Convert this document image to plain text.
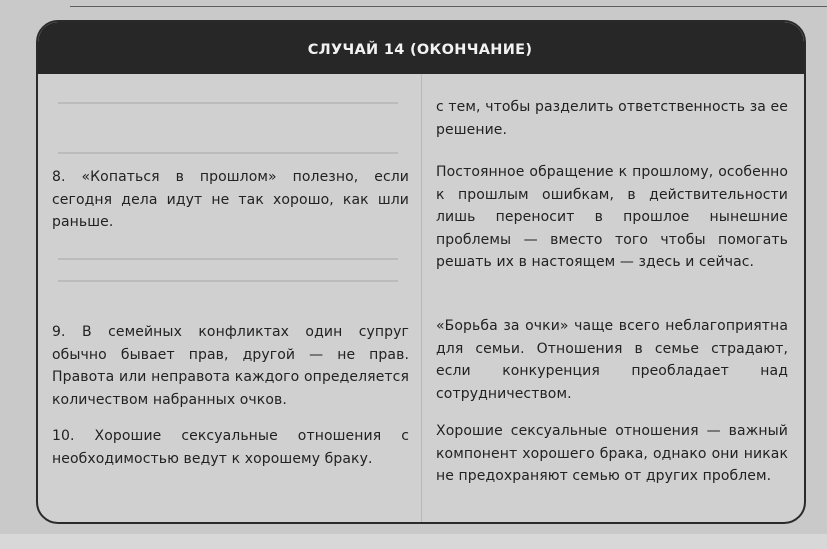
СЛУЧАЙ 14 (ОКОНЧАНИЕ)
с тем, чтобы разделить ответственность за ее решение.
8. «Копаться в прошлом» полезно, если сегодня дела идут не так хорошо, как шли раньше.
Постоянное обращение к прошлому, особенно к прошлым ошибкам, в действительности лишь переносит в прошлое нынешние проблемы — вместо того чтобы помогать решать их в настоящем — здесь и сейчас.
9. В семейных конфликтах один супруг обычно бывает прав, другой — не прав. Правота или неправота каждого определяется количеством набранных очков.
«Борьба за очки» чаще всего неблагоприятна для семьи. Отношения в семье страдают, если конкуренция преобладает над сотрудничеством.
10. Хорошие сексуальные отношения с необходимостью ведут к хорошему браку.
Хорошие сексуальные отношения — важный компонент хорошего брака, однако они никак не предохраняют семью от других проблем.
